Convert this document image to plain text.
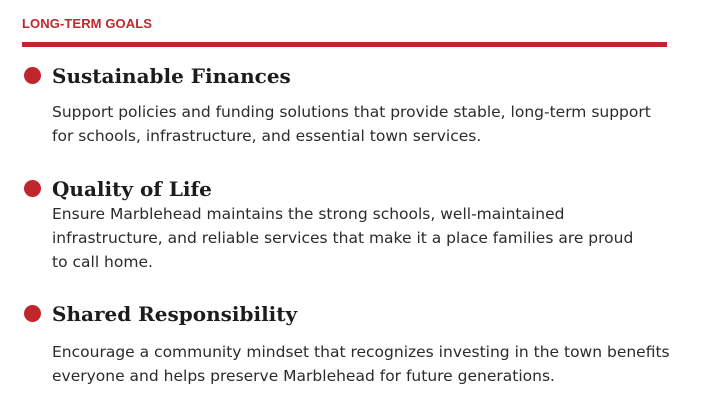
LONG-TERM GOALS
Sustainable Finances
Support policies and funding solutions that provide stable, long-term support for schools, infrastructure, and essential town services.
Quality of Life
Ensure Marblehead maintains the strong schools, well-maintained infrastructure, and reliable services that make it a place families are proud to call home.
Shared Responsibility
Encourage a community mindset that recognizes investing in the town benefits everyone and helps preserve Marblehead for future generations.
